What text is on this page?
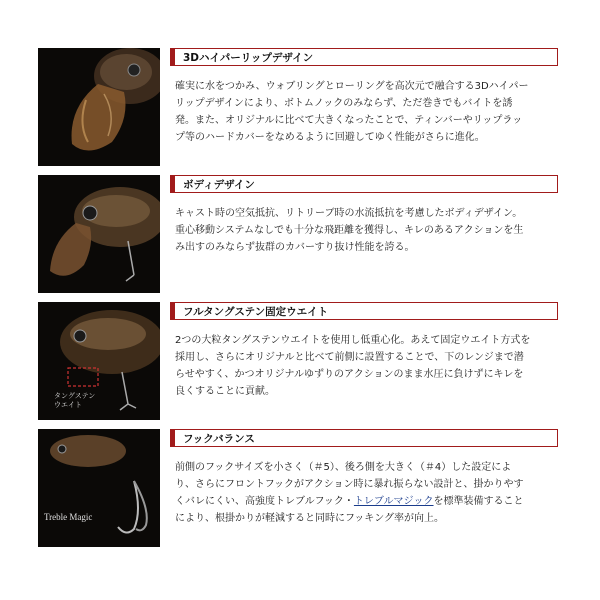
3Dハイパーリップデザイン
確実に水をつかみ、ウォブリングとローリングを高次元で融合する3Dハイパー
リップデザインにより、ボトムノックのみならず、ただ巻きでもバイトを誘
発。また、オリジナルに比べて大きくなったことで、ティンバーやリップラッ
プ等のハードカバーをなめるように回避してゆく性能がさらに進化。
ボディデザイン
キャスト時の空気抵抗、リトリーブ時の水流抵抗を考慮したボディデザイン。
重心移動システムなしでも十分な飛距離を獲得し、キレのあるアクションを生
み出すのみならず抜群のカバーすり抜け性能を誇る。
タングステン
ウエイト
フルタングステン固定ウエイト
2つの大粒タングステンウエイトを使用し低重心化。あえて固定ウエイト方式を
採用し、さらにオリジナルと比べて前側に設置することで、下のレンジまで潜
らせやすく、かつオリジナルゆずりのアクションのまま水圧に負けずにキレを
良くすることに貢献。
Treble Magic
フックバランス
前側のフックサイズを小さく（＃5）、後ろ側を大きく（＃4）した設定によ
り、さらにフロントフックがアクション時に暴れ振らない設計と、掛かりやす
くバレにくい、高強度トレブルフック・トレブルマジックを標準装備すること
により、根掛かりが軽減すると同時にフッキング率が向上。
